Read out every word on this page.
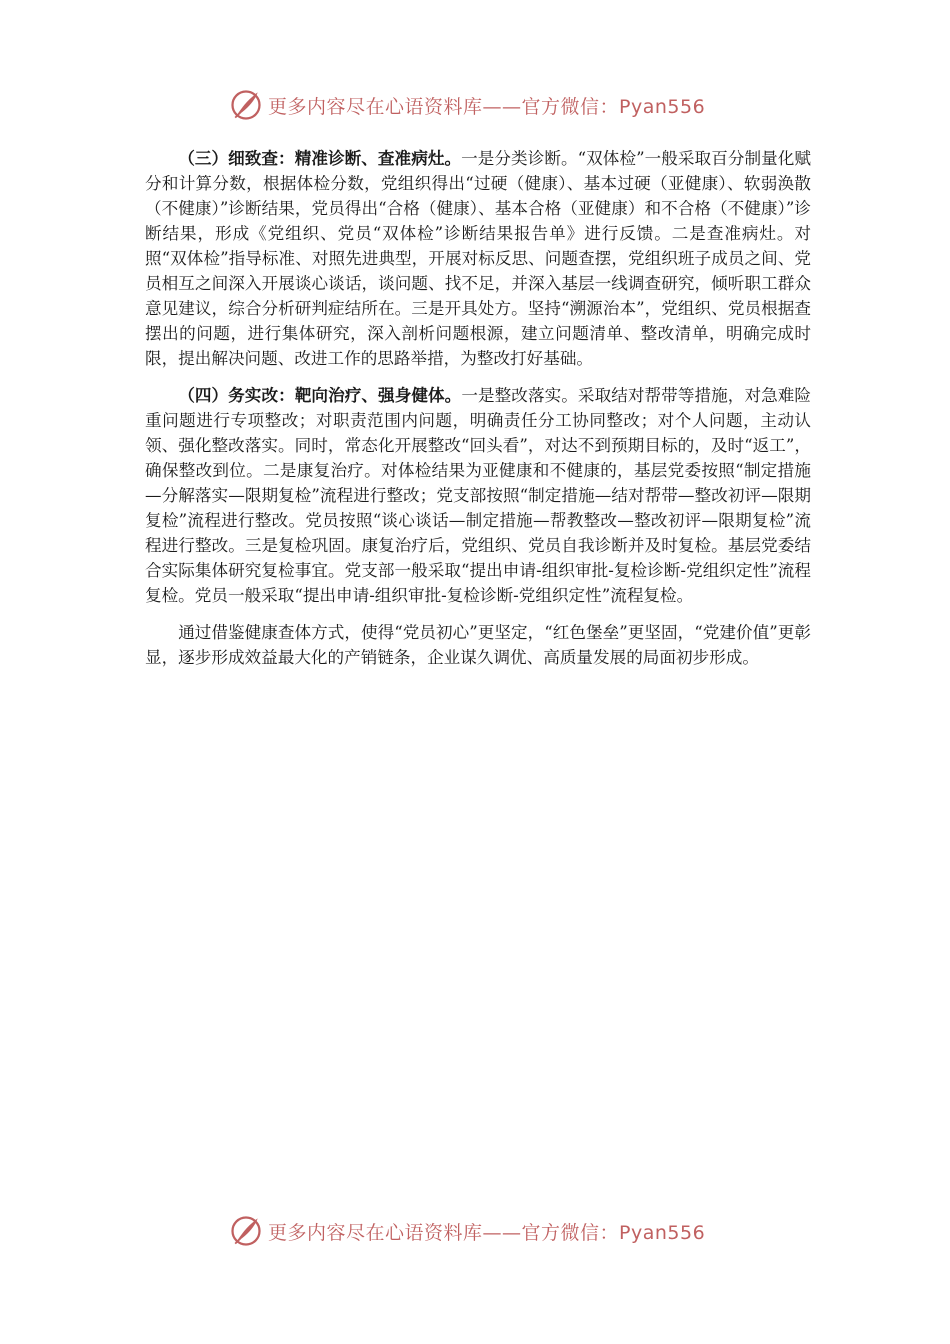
更多内容尽在心语资料库——官方微信：Pyan556

（三）细致查：精准诊断、查准病灶。一是分类诊断。“双体检”一般采取百分制量化赋分和计算分数，根据体检分数，党组织得出“过硬（健康）、基本过硬（亚健康）、软弱涣散（不健康）”诊断结果，党员得出“合格（健康）、基本合格（亚健康）和不合格（不健康）”诊断结果，形成《党组织、党员“双体检”诊断结果报告单》进行反馈。二是查准病灶。对照“双体检”指导标准、对照先进典型，开展对标反思、问题查摆，党组织班子成员之间、党员相互之间深入开展谈心谈话，谈问题、找不足，并深入基层一线调查研究，倾听职工群众意见建议，综合分析研判症结所在。三是开具处方。坚持“溯源治本”，党组织、党员根据查摆出的问题，进行集体研究，深入剖析问题根源，建立问题清单、整改清单，明确完成时限，提出解决问题、改进工作的思路举措，为整改打好基础。

（四）务实改：靶向治疗、强身健体。一是整改落实。采取结对帮带等措施，对急难险重问题进行专项整改；对职责范围内问题，明确责任分工协同整改；对个人问题，主动认领、强化整改落实。同时，常态化开展整改“回头看”，对达不到预期目标的，及时“返工”，确保整改到位。二是康复治疗。对体检结果为亚健康和不健康的，基层党委按照“制定措施—分解落实—限期复检”流程进行整改；党支部按照“制定措施—结对帮带—整改初评—限期复检”流程进行整改。党员按照“谈心谈话—制定措施—帮教整改—整改初评—限期复检”流程进行整改。三是复检巩固。康复治疗后，党组织、党员自我诊断并及时复检。基层党委结合实际集体研究复检事宜。党支部一般采取“提出申请-组织审批-复检诊断-党组织定性”流程复检。党员一般采取“提出申请-组织审批-复检诊断-党组织定性”流程复检。

通过借鉴健康查体方式，使得“党员初心”更坚定，“红色堡垒”更坚固，“党建价值”更彰显，逐步形成效益最大化的产销链条，企业谋久调优、高质量发展的局面初步形成。

更多内容尽在心语资料库——官方微信：Pyan556
